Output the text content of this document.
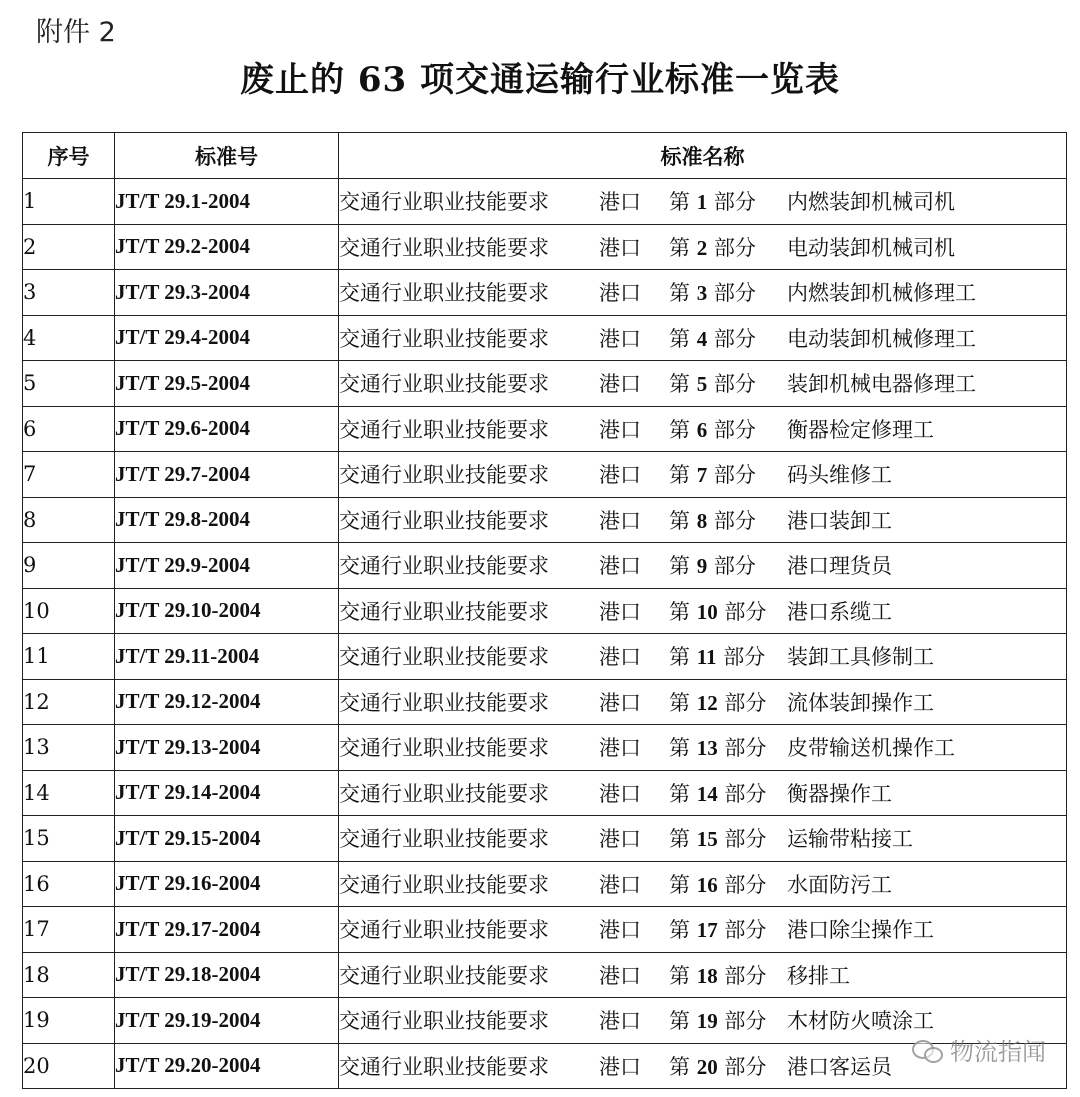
附件 2
废止的 63 项交通运输行业标准一览表
序号	标准号	标准名称
1	JT/T 29.1-2004	交通行业职业技能要求 港口 第 1 部分 内燃装卸机械司机
2	JT/T 29.2-2004	交通行业职业技能要求 港口 第 2 部分 电动装卸机械司机
3	JT/T 29.3-2004	交通行业职业技能要求 港口 第 3 部分 内燃装卸机械修理工
4	JT/T 29.4-2004	交通行业职业技能要求 港口 第 4 部分 电动装卸机械修理工
5	JT/T 29.5-2004	交通行业职业技能要求 港口 第 5 部分 装卸机械电器修理工
6	JT/T 29.6-2004	交通行业职业技能要求 港口 第 6 部分 衡器检定修理工
7	JT/T 29.7-2004	交通行业职业技能要求 港口 第 7 部分 码头维修工
8	JT/T 29.8-2004	交通行业职业技能要求 港口 第 8 部分 港口装卸工
9	JT/T 29.9-2004	交通行业职业技能要求 港口 第 9 部分 港口理货员
10	JT/T 29.10-2004	交通行业职业技能要求 港口 第 10 部分 港口系缆工
11	JT/T 29.11-2004	交通行业职业技能要求 港口 第 11 部分 装卸工具修制工
12	JT/T 29.12-2004	交通行业职业技能要求 港口 第 12 部分 流体装卸操作工
13	JT/T 29.13-2004	交通行业职业技能要求 港口 第 13 部分 皮带输送机操作工
14	JT/T 29.14-2004	交通行业职业技能要求 港口 第 14 部分 衡器操作工
15	JT/T 29.15-2004	交通行业职业技能要求 港口 第 15 部分 运输带粘接工
16	JT/T 29.16-2004	交通行业职业技能要求 港口 第 16 部分 水面防污工
17	JT/T 29.17-2004	交通行业职业技能要求 港口 第 17 部分 港口除尘操作工
18	JT/T 29.18-2004	交通行业职业技能要求 港口 第 18 部分 移排工
19	JT/T 29.19-2004	交通行业职业技能要求 港口 第 19 部分 木材防火喷涂工
20	JT/T 29.20-2004	交通行业职业技能要求 港口 第 20 部分 港口客运员
物流指闻
